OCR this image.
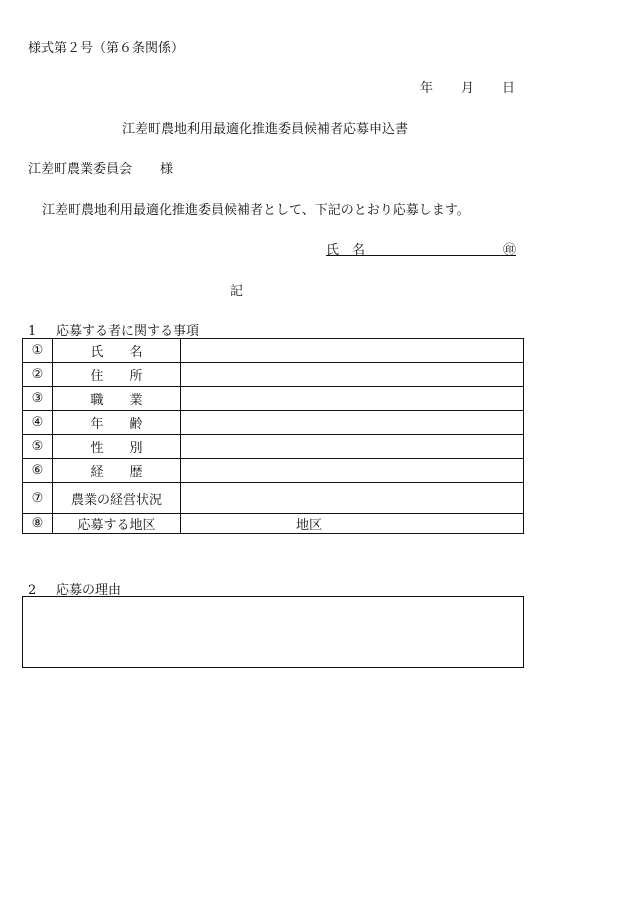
様式第２号（第６条関係）
年 月 日
江差町農地利用最適化推進委員候補者応募申込書
江差町農業委員会 様
江差町農地利用最適化推進委員候補者として、下記のとおり応募します。
氏名	㊞
記
1 応募する者に関する事項
①	氏名	
②	住所	
③	職業	
④	年齢	
⑤	性別	
⑥	経歴	
⑦	農業の経営状況	
⑧	応募する地区	地区
2 応募の理由
